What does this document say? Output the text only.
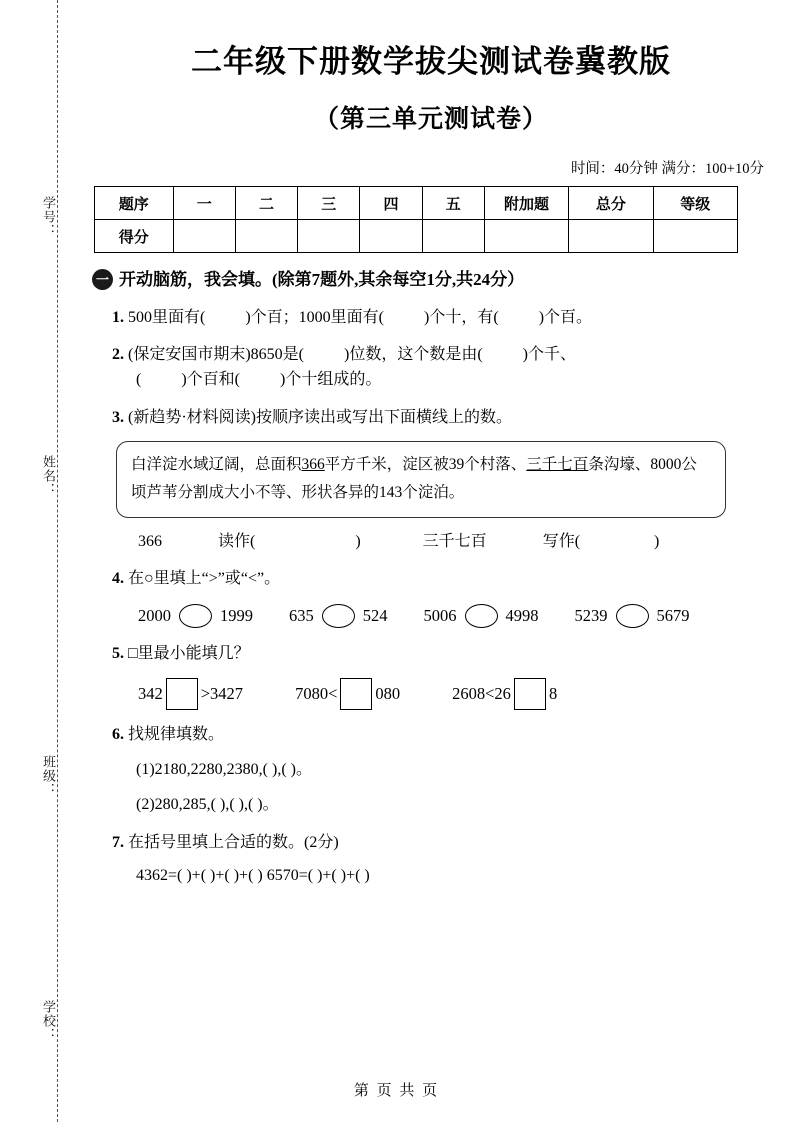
学号：
姓名：
班级：
学校：
二年级下册数学拔尖测试卷冀教版
（第三单元测试卷）
时间：40分钟 满分：100+10分
题序	一	二	三	四	五	附加题	总分	等级
得分								
一 开动脑筋，我会填。(除第7题外,其余每空1分,共24分）
1. 500里面有(	)个百；1000里面有(	)个十，有(	)个百。
2. (保定安国市期末)8650是(	)位数，这个数是由(	)个千、
(	)个百和(	)个十组成的。
3. (新趋势·材料阅读)按顺序读出或写出下面横线上的数。
白洋淀水域辽阔，总面积366平方千米，淀区被39个村落、三千七百条沟壕、8000公顷芦苇分割成大小不等、形状各异的143个淀泊。
366	读作(	)	三千七百	写作(	)
4. 在○里填上“>”或“<”。
2000	1999 635	524 5006	4998 5239	5679
5. □里最小能填几？
342 >3427	7080< 080	2608<26 8
6. 找规律填数。
(1)2180,2280,2380,( ),( )。
(2)280,285,( ),( ),( )。
7. 在括号里填上合适的数。(2分)
4362=( )+( )+( )+( ) 6570=( )+( )+( )
第 页 共 页
